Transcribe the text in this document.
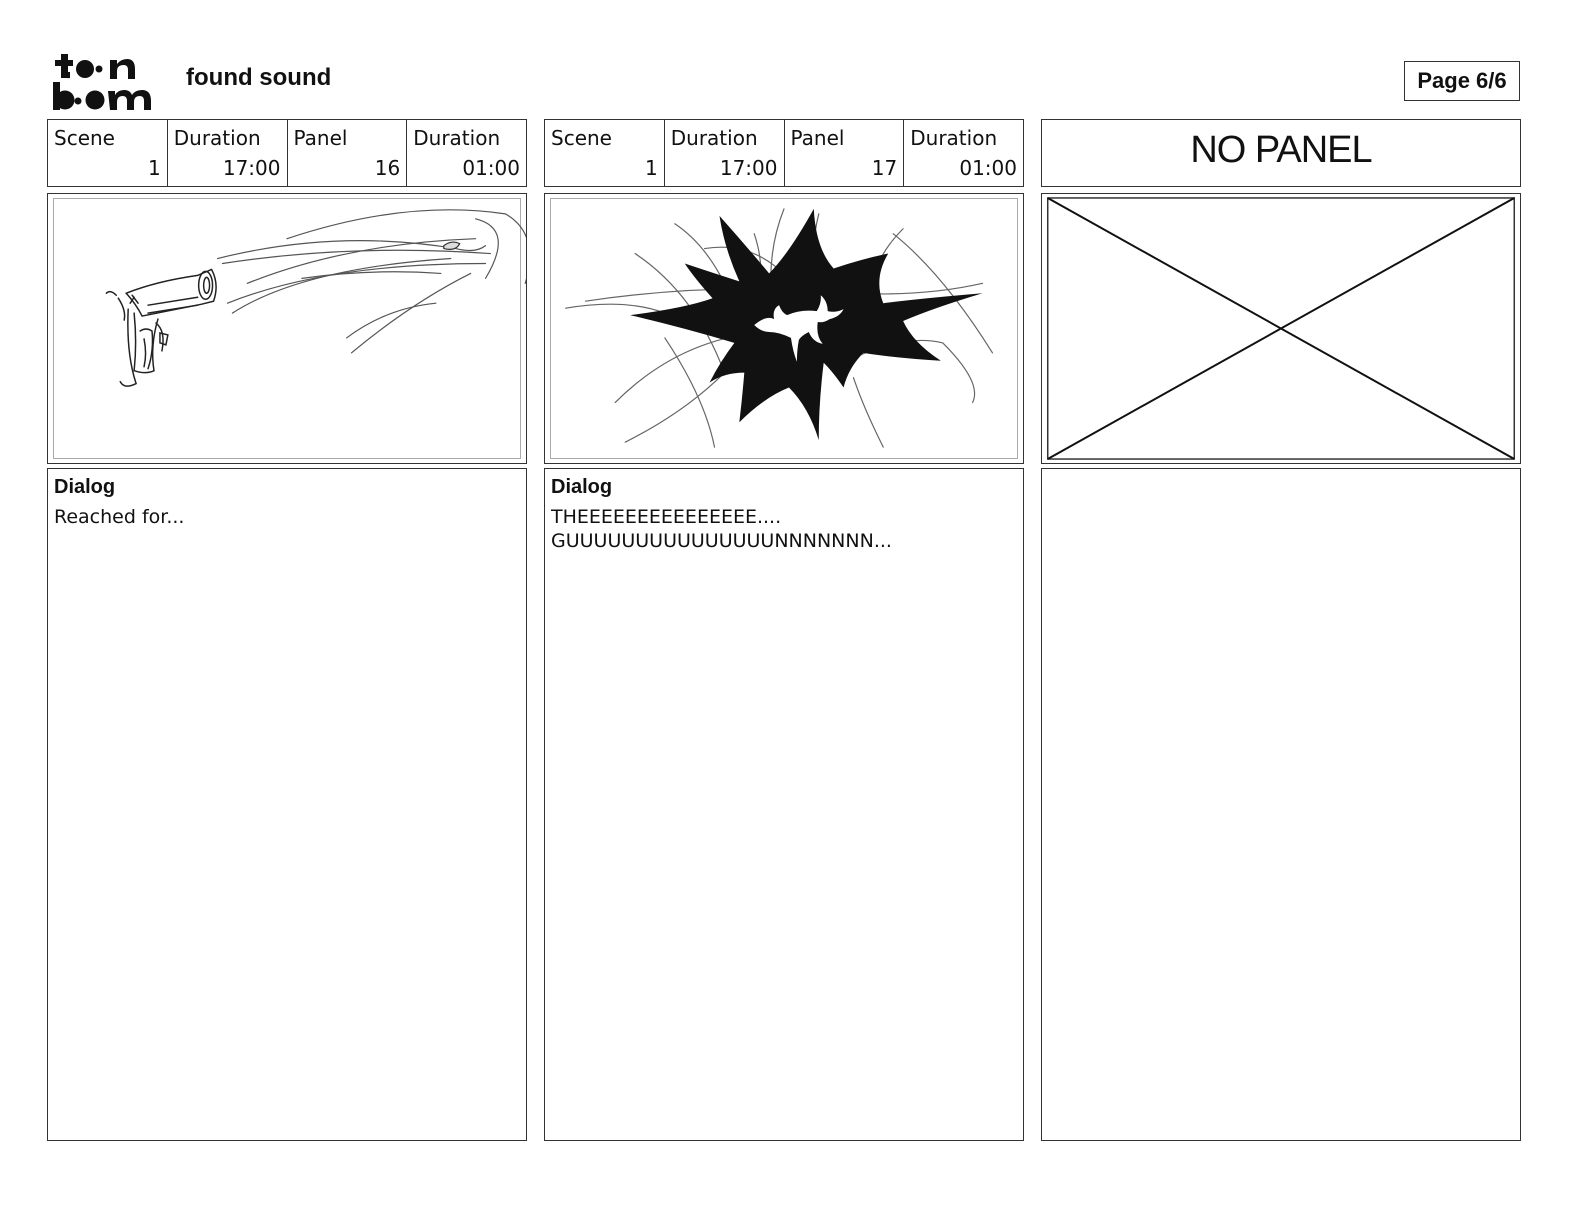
found sound	Page 6/6
Scene
1
Duration
17:00
Panel
16
Duration
01:00
Dialog
Reached for...
Scene
1
Duration
17:00
Panel
17
Duration
01:00
Dialog
THEEEEEEEEEEEEEEE....
GUUUUUUUUUUUUUUUNNNNNNN...
NO PANEL
